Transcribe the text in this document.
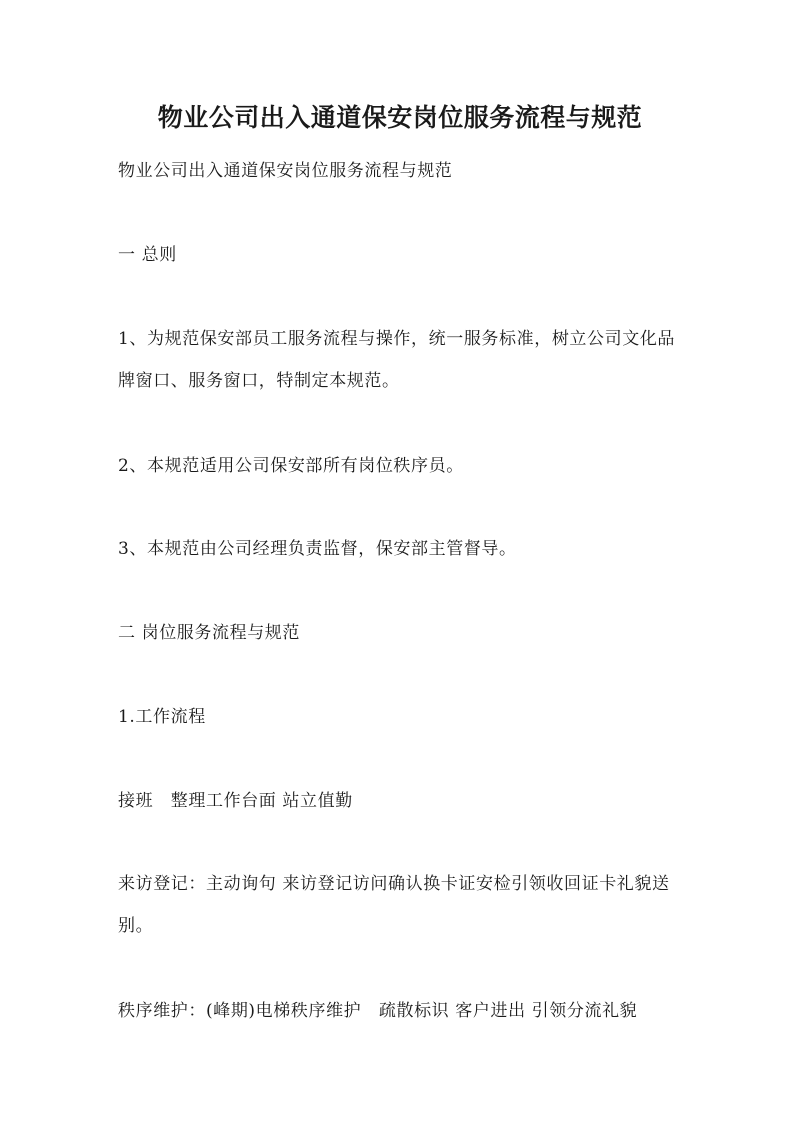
物业公司出入通道保安岗位服务流程与规范
物业公司出入通道保安岗位服务流程与规范
一 总则
1、为规范保安部员工服务流程与操作，统一服务标准，树立公司文化品牌窗口、服务窗口，特制定本规范。
2、本规范适用公司保安部所有岗位秩序员。
3、本规范由公司经理负责监督，保安部主管督导。
二 岗位服务流程与规范
1.工作流程
接班　整理工作台面 站立值勤
来访登记：主动询句 来访登记访问确认换卡证安检引领收回证卡礼貌送别。
秩序维护：(峰期)电梯秩序维护　疏散标识 客户进出 引领分流礼貌
